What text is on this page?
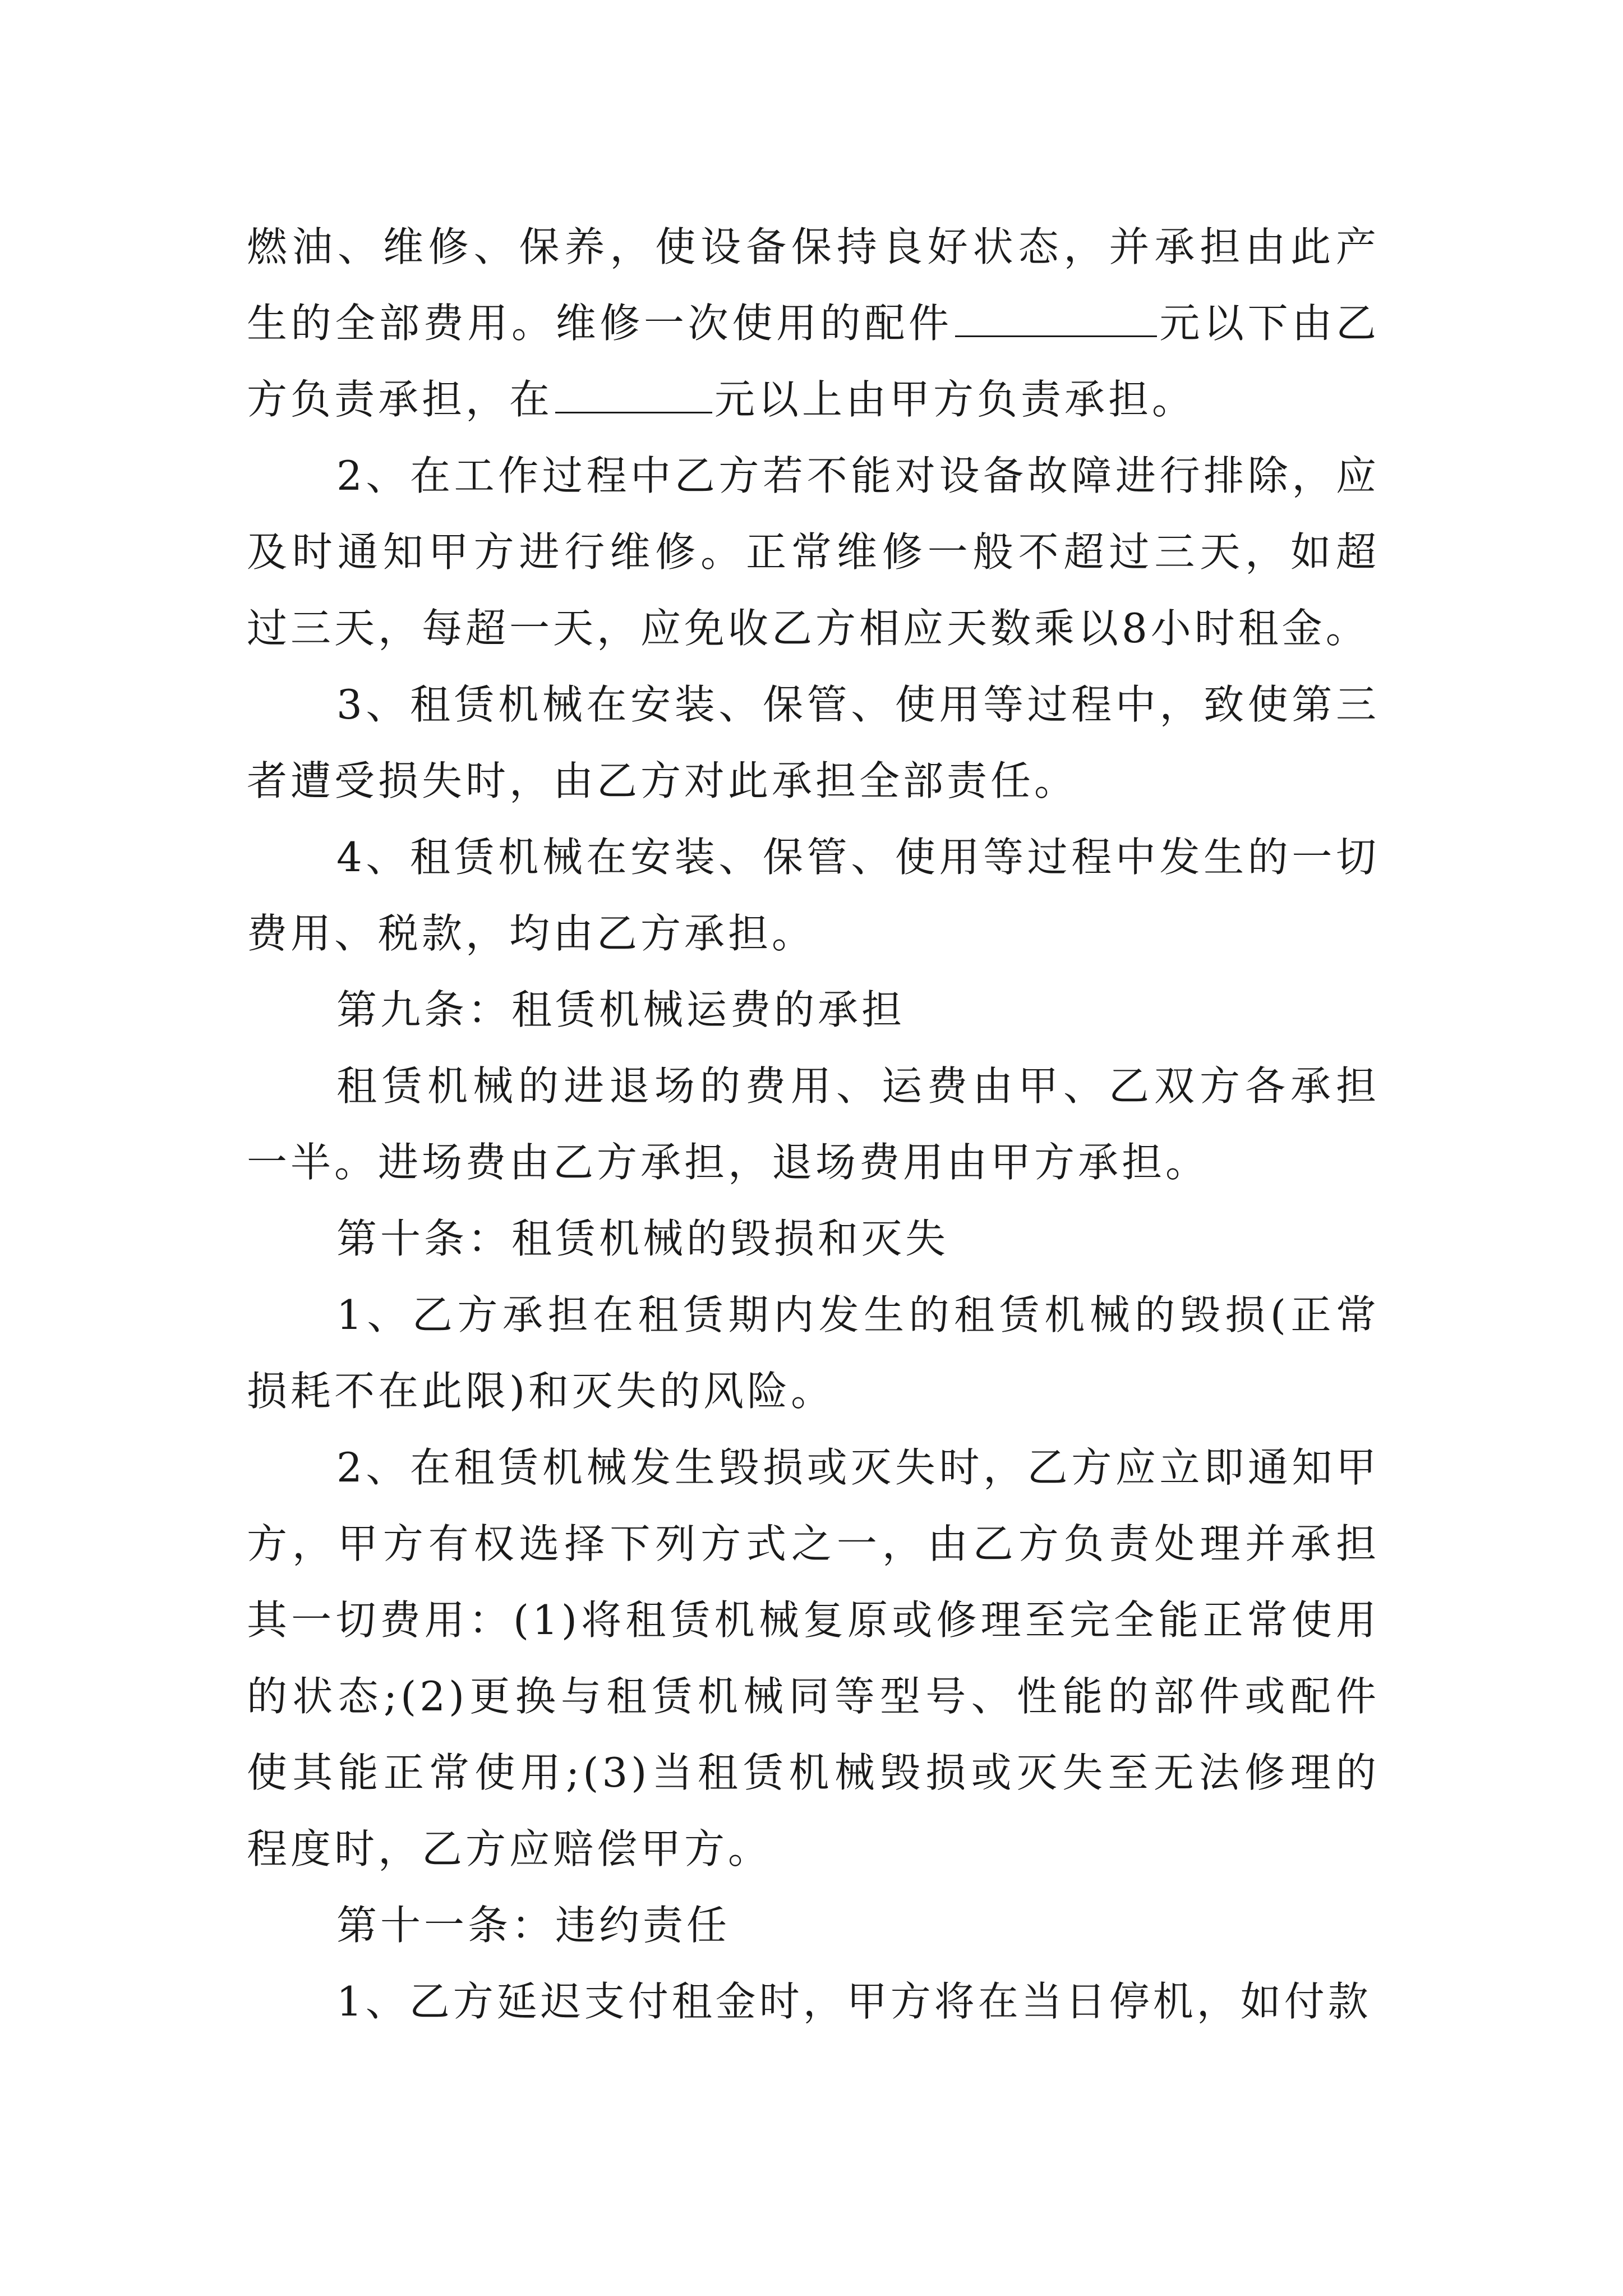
燃油、维修、保养，使设备保持良好状态，并承担由此产生的全部费用。维修一次使用的配件	元以下由乙方负责承担，在	元以上由甲方负责承担。

2、在工作过程中乙方若不能对设备故障进行排除，应及时通知甲方进行维修。正常维修一般不超过三天，如超过三天，每超一天，应免收乙方相应天数乘以8小时租金。

3、租赁机械在安装、保管、使用等过程中，致使第三者遭受损失时，由乙方对此承担全部责任。

4、租赁机械在安装、保管、使用等过程中发生的一切费用、税款，均由乙方承担。

第九条：租赁机械运费的承担

租赁机械的进退场的费用、运费由甲、乙双方各承担一半。进场费由乙方承担，退场费用由甲方承担。

第十条：租赁机械的毁损和灭失

1、乙方承担在租赁期内发生的租赁机械的毁损(正常损耗不在此限)和灭失的风险。

2、在租赁机械发生毁损或灭失时，乙方应立即通知甲方，甲方有权选择下列方式之一，由乙方负责处理并承担其一切费用：(1)将租赁机械复原或修理至完全能正常使用的状态;(2)更换与租赁机械同等型号、性能的部件或配件使其能正常使用;(3)当租赁机械毁损或灭失至无法修理的程度时，乙方应赔偿甲方。

第十一条：违约责任

1、乙方延迟支付租金时，甲方将在当日停机，如付款
